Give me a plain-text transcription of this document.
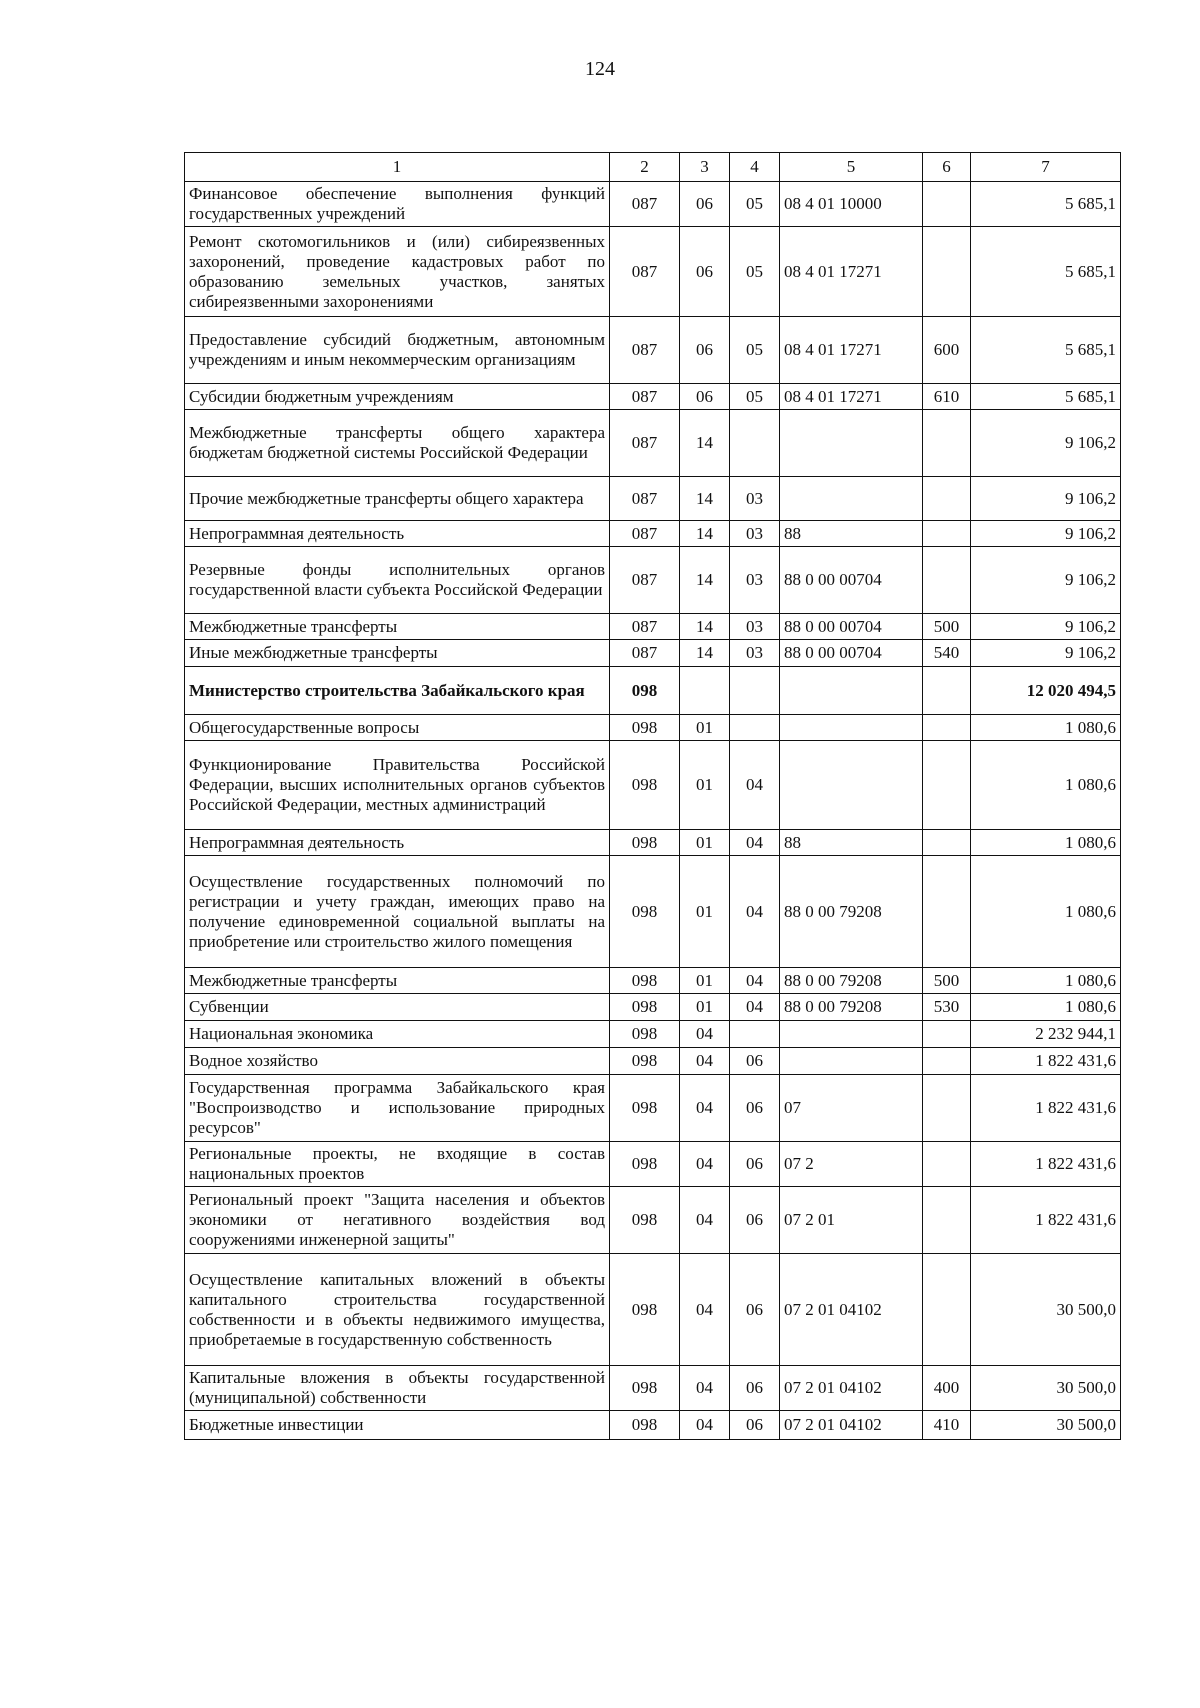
124
1	2	3	4	5	6	7
Финансовое обеспечение выполнения функций государственных учреждений	087	06	05	08 4 01 10000		5 685,1
Ремонт скотомогильников и (или) сибиреязвенных захоронений, проведение кадастровых работ по образованию земельных участков, занятых сибиреязвенными захоронениями	087	06	05	08 4 01 17271		5 685,1
Предоставление субсидий бюджетным, автономным учреждениям и иным некоммерческим организациям	087	06	05	08 4 01 17271	600	5 685,1
Субсидии бюджетным учреждениям	087	06	05	08 4 01 17271	610	5 685,1
Межбюджетные трансферты общего характера бюджетам бюджетной системы Российской Федерации	087	14				9 106,2
Прочие межбюджетные трансферты общего характера	087	14	03			9 106,2
Непрограммная деятельность	087	14	03	88		9 106,2
Резервные фонды исполнительных органов государственной власти субъекта Российской Федерации	087	14	03	88 0 00 00704		9 106,2
Межбюджетные трансферты	087	14	03	88 0 00 00704	500	9 106,2
Иные межбюджетные трансферты	087	14	03	88 0 00 00704	540	9 106,2
Министерство строительства Забайкальского края	098					12 020 494,5
Общегосударственные вопросы	098	01				1 080,6
Функционирование Правительства Российской Федерации, высших исполнительных органов субъектов Российской Федерации, местных администраций	098	01	04			1 080,6
Непрограммная деятельность	098	01	04	88		1 080,6
Осуществление государственных полномочий по регистрации и учету граждан, имеющих право на получение единовременной социальной выплаты на приобретение или строительство жилого помещения	098	01	04	88 0 00 79208		1 080,6
Межбюджетные трансферты	098	01	04	88 0 00 79208	500	1 080,6
Субвенции	098	01	04	88 0 00 79208	530	1 080,6
Национальная экономика	098	04				2 232 944,1
Водное хозяйство	098	04	06			1 822 431,6
Государственная программа Забайкальского края "Воспроизводство и использование природных ресурсов"	098	04	06	07		1 822 431,6
Региональные проекты, не входящие в состав национальных проектов	098	04	06	07 2		1 822 431,6
Региональный проект "Защита населения и объектов экономики от негативного воздействия вод сооружениями инженерной защиты"	098	04	06	07 2 01		1 822 431,6
Осуществление капитальных вложений в объекты капитального строительства государственной собственности и в объекты недвижимого имущества, приобретаемые в государственную собственность	098	04	06	07 2 01 04102		30 500,0
Капитальные вложения в объекты государственной (муниципальной) собственности	098	04	06	07 2 01 04102	400	30 500,0
Бюджетные инвестиции	098	04	06	07 2 01 04102	410	30 500,0
